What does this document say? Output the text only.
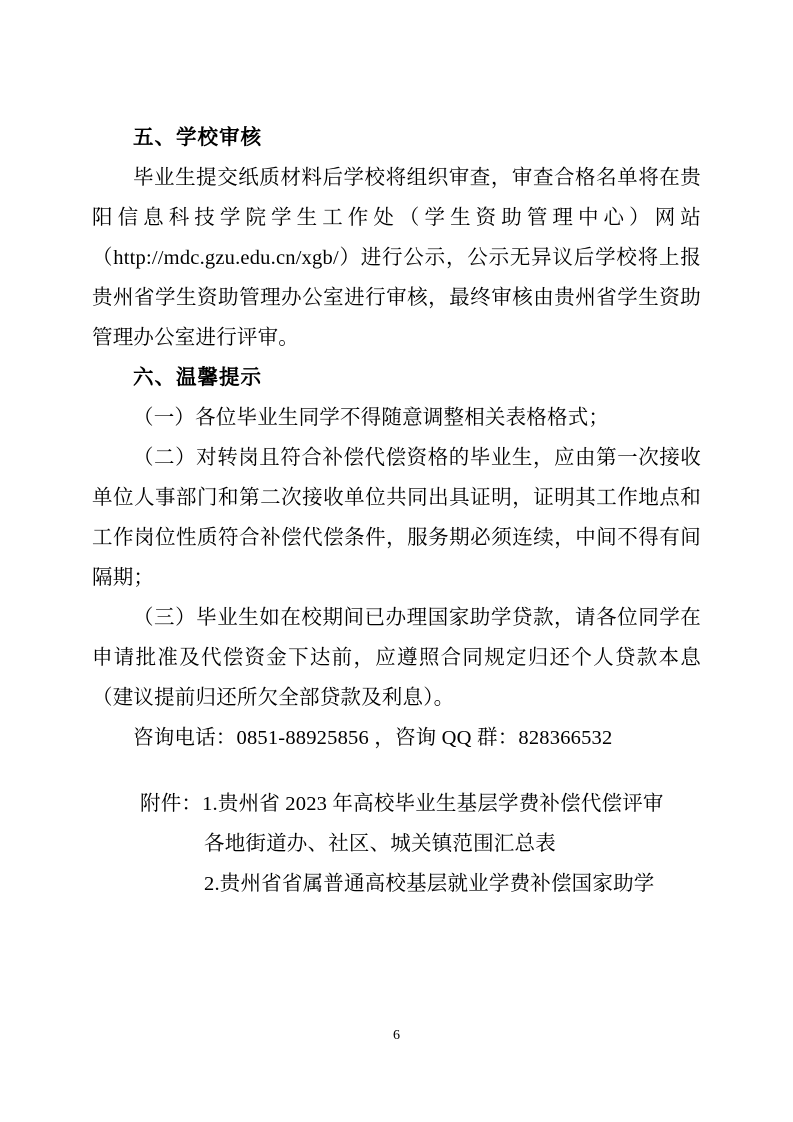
五、学校审核

毕业生提交纸质材料后学校将组织审查，审查合格名单将在贵阳信息科技学院学生工作处（学生资助管理中心）网站（http://mdc.gzu.edu.cn/xgb/）进行公示，公示无异议后学校将上报贵州省学生资助管理办公室进行审核，最终审核由贵州省学生资助管理办公室进行评审。

六、温馨提示

（一）各位毕业生同学不得随意调整相关表格格式；

（二）对转岗且符合补偿代偿资格的毕业生，应由第一次接收单位人事部门和第二次接收单位共同出具证明，证明其工作地点和工作岗位性质符合补偿代偿条件，服务期必须连续，中间不得有间隔期；

（三）毕业生如在校期间已办理国家助学贷款，请各位同学在申请批准及代偿资金下达前，应遵照合同规定归还个人贷款本息（建议提前归还所欠全部贷款及利息）。

咨询电话：0851-88925856 ，咨询 QQ 群：828366532

附件：1.贵州省 2023 年高校毕业生基层学费补偿代偿评审

各地街道办、社区、城关镇范围汇总表

2.贵州省省属普通高校基层就业学费补偿国家助学

6
